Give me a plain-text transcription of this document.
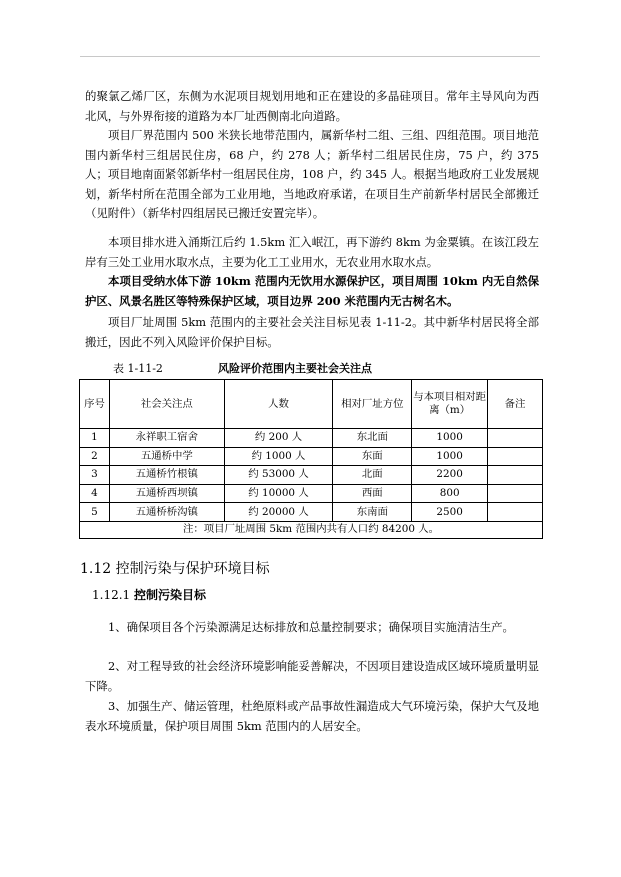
的聚氯乙烯厂区，东侧为水泥项目规划用地和正在建设的多晶硅项目。常年主导风向为西北风，与外界衔接的道路为本厂址西侧南北向道路。
项目厂界范围内 500 米狭长地带范围内，属新华村二组、三组、四组范围。项目地范围内新华村三组居民住房，68 户，约 278 人；新华村二组居民住房，75 户，约 375 人；项目地南面紧邻新华村一组居民住房，108 户，约 345 人。根据当地政府工业发展规划，新华村所在范围全部为工业用地，当地政府承诺，在项目生产前新华村居民全部搬迁（见附件）（新华村四组居民已搬迁安置完毕）。
本项目排水进入涌斯江后约 1.5km 汇入岷江，再下游约 8km 为金粟镇。在该江段左岸有三处工业用水取水点，主要为化工工业用水，无农业用水取水点。
本项目受纳水体下游 10km 范围内无饮用水源保护区，项目周围 10km 内无自然保护区、风景名胜区等特殊保护区域，项目边界 200 米范围内无古树名木。
项目厂址周围 5km 范围内的主要社会关注目标见表 1-11-2。其中新华村居民将全部搬迁，因此不列入风险评价保护目标。
表 1-11-2	风险评价范围内主要社会关注点
序号	社会关注点	人数	相对厂址方位	与本项目相对距离（m）	备注
1	永祥职工宿舍	约 200 人	东北面	1000	
2	五通桥中学	约 1000 人	东面	1000	
3	五通桥竹根镇	约 53000 人	北面	2200	
4	五通桥西坝镇	约 10000 人	西面	800	
5	五通桥桥沟镇	约 20000 人	东南面	2500	
注：项目厂址周围 5km 范围内共有人口约 84200 人。					
1.12 控制污染与保护环境目标
1.12.1 控制污染目标
1、确保项目各个污染源满足达标排放和总量控制要求；确保项目实施清洁生产。
2、对工程导致的社会经济环境影响能妥善解决，不因项目建设造成区域环境质量明显下降。
3、加强生产、储运管理，杜绝原料或产品事故性漏造成大气环境污染，保护大气及地表水环境质量，保护项目周围 5km 范围内的人居安全。
